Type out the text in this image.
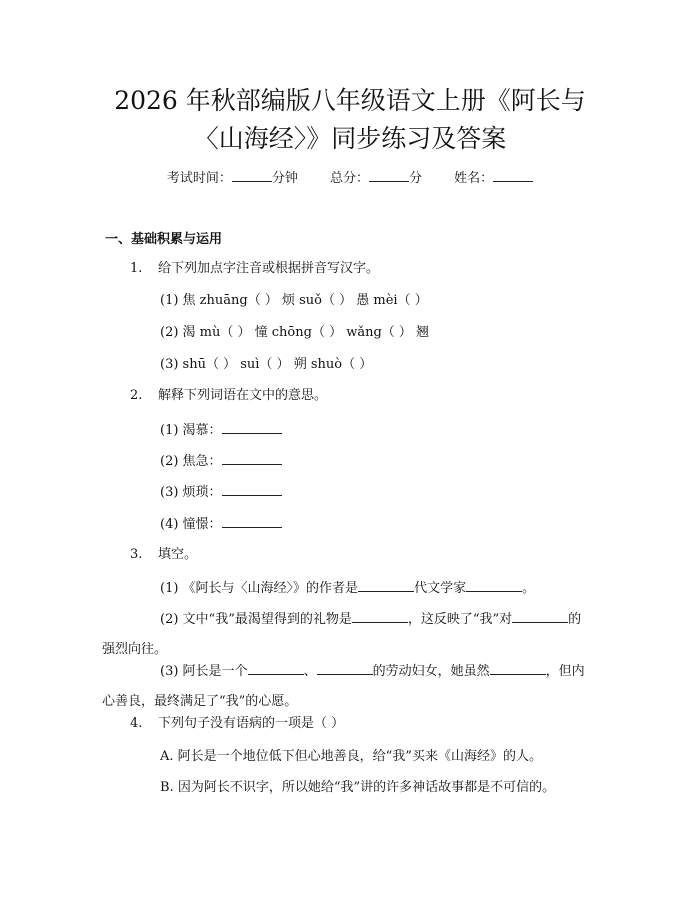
2026 年秋部编版八年级语文上册《阿长与
〈山海经〉》同步练习及答案
考试时间：	分钟 总分：	分 姓名：
一、基础积累与运用
1. 给下列加点字注音或根据拼音写汉字。
(1) 焦 zhuāng（ ） 烦 suǒ（ ） 愚 mèi（ ）
(2) 渴 mù（ ） 憧 chōng（ ） wǎng（ ） 翘
(3) shū（ ） suì（ ） 朔 shuò（ ）
2. 解释下列词语在文中的意思。
(1) 渴慕：
(2) 焦急：
(3) 烦琐：
(4) 憧憬：
3. 填空。
(1) 《阿长与〈山海经〉》的作者是	代文学家	。
(2) 文中“我”最渴望得到的礼物是	，这反映了“我”对	的强烈向往。
(3) 阿长是一个	、	的劳动妇女，她虽然	，但内心善良，最终满足了“我”的心愿。
4. 下列句子没有语病的一项是（ ）
A. 阿长是一个地位低下但心地善良，给“我”买来《山海经》的人。
B. 因为阿长不识字，所以她给“我”讲的许多神话故事都是不可信的。
